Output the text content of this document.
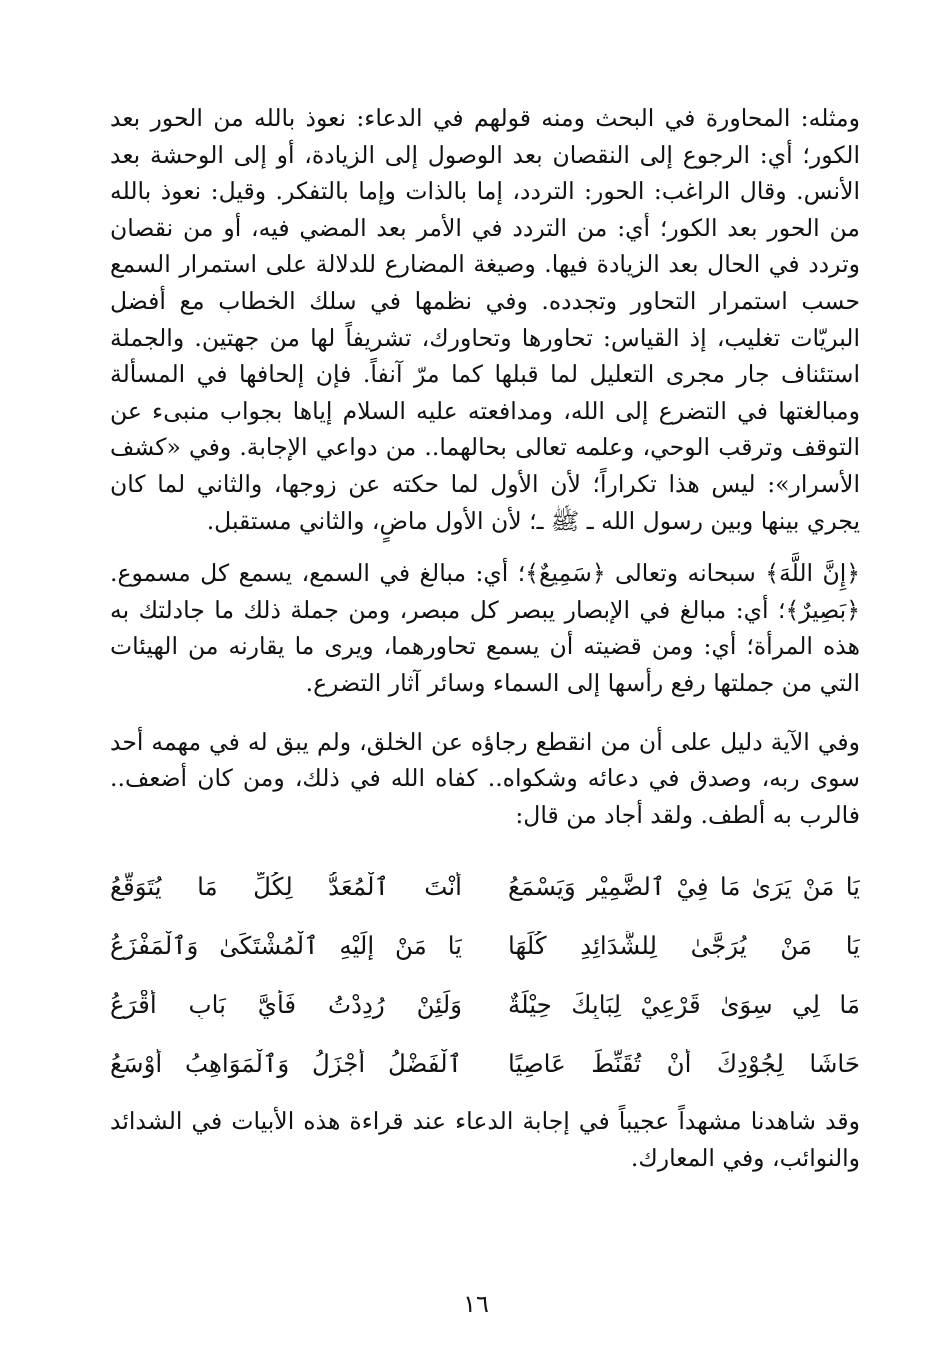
ومثله: المحاورة في البحث ومنه قولهم في الدعاء: نعوذ بالله من الحور بعد الكور؛ أي: الرجوع إلى النقصان بعد الوصول إلى الزيادة، أو إلى الوحشة بعد الأنس. وقال الراغب: الحور: التردد، إما بالذات وإما بالتفكر. وقيل: نعوذ بالله من الحور بعد الكور؛ أي: من التردد في الأمر بعد المضي فيه، أو من نقصان وتردد في الحال بعد الزيادة فيها. وصيغة المضارع للدلالة على استمرار السمع حسب استمرار التحاور وتجدده. وفي نظمها في سلك الخطاب مع أفضل البريّات تغليب، إذ القياس: تحاورها وتحاورك، تشريفاً لها من جهتين. والجملة استئناف جار مجرى التعليل لما قبلها كما مرّ آنفاً. فإن إلحافها في المسألة ومبالغتها في التضرع إلى الله، ومدافعته عليه السلام إياها بجواب منبىء عن التوقف وترقب الوحي، وعلمه تعالى بحالهما.. من دواعي الإجابة. وفي «كشف الأسرار»: ليس هذا تكراراً؛ لأن الأول لما حكته عن زوجها، والثاني لما كان يجري بينها وبين رسول الله ـ ﷺ ـ؛ لأن الأول ماضٍ، والثاني مستقبل.

﴿إِنَّ اللَّهَ﴾ سبحانه وتعالى ﴿سَمِيعٌ﴾؛ أي: مبالغ في السمع، يسمع كل مسموع. ﴿بَصِيرٌ﴾؛ أي: مبالغ في الإبصار يبصر كل مبصر، ومن جملة ذلك ما جادلتك به هذه المرأة؛ أي: ومن قضيته أن يسمع تحاورهما، ويرى ما يقارنه من الهيئات التي من جملتها رفع رأسها إلى السماء وسائر آثار التضرع.

وفي الآية دليل على أن من انقطع رجاؤه عن الخلق، ولم يبق له في مهمه أحد سوى ربه، وصدق في دعائه وشكواه.. كفاه الله في ذلك، ومن كان أضعف.. فالرب به ألطف. ولقد أجاد من قال:

يَا مَنْ يَرَىٰ مَا فِيْ ٱلضَّمِيْرِ وَيَسْمَعُ
أَنْتَ ٱلْمُعَدُّ لِكُلِّ مَا يُتَوَقَّعُ
يَا مَنْ يُرَجَّىٰ لِلشَّدَائِدِ كُلِّهَا
يَا مَنْ إِلَيْهِ ٱلْمُشْتَكَىٰ وَٱلْمَفْزَعُ
مَا لِي سِوَىٰ قَرْعِيْ لِبَابِكَ حِيْلَةٌ
وَلَئِنْ رُدِدْتُ فَأَيَّ بَابٍ أَقْرَعُ
حَاشَا لِجُوْدِكَ أَنْ تُقَنِّطَ عَاصِيًا
ٱلْفَضْلُ أَجْزَلُ وَٱلْمَوَاهِبُ أَوْسَعُ

وقد شاهدنا مشهداً عجيباً في إجابة الدعاء عند قراءة هذه الأبيات في الشدائد والنوائب، وفي المعارك.

١٦
